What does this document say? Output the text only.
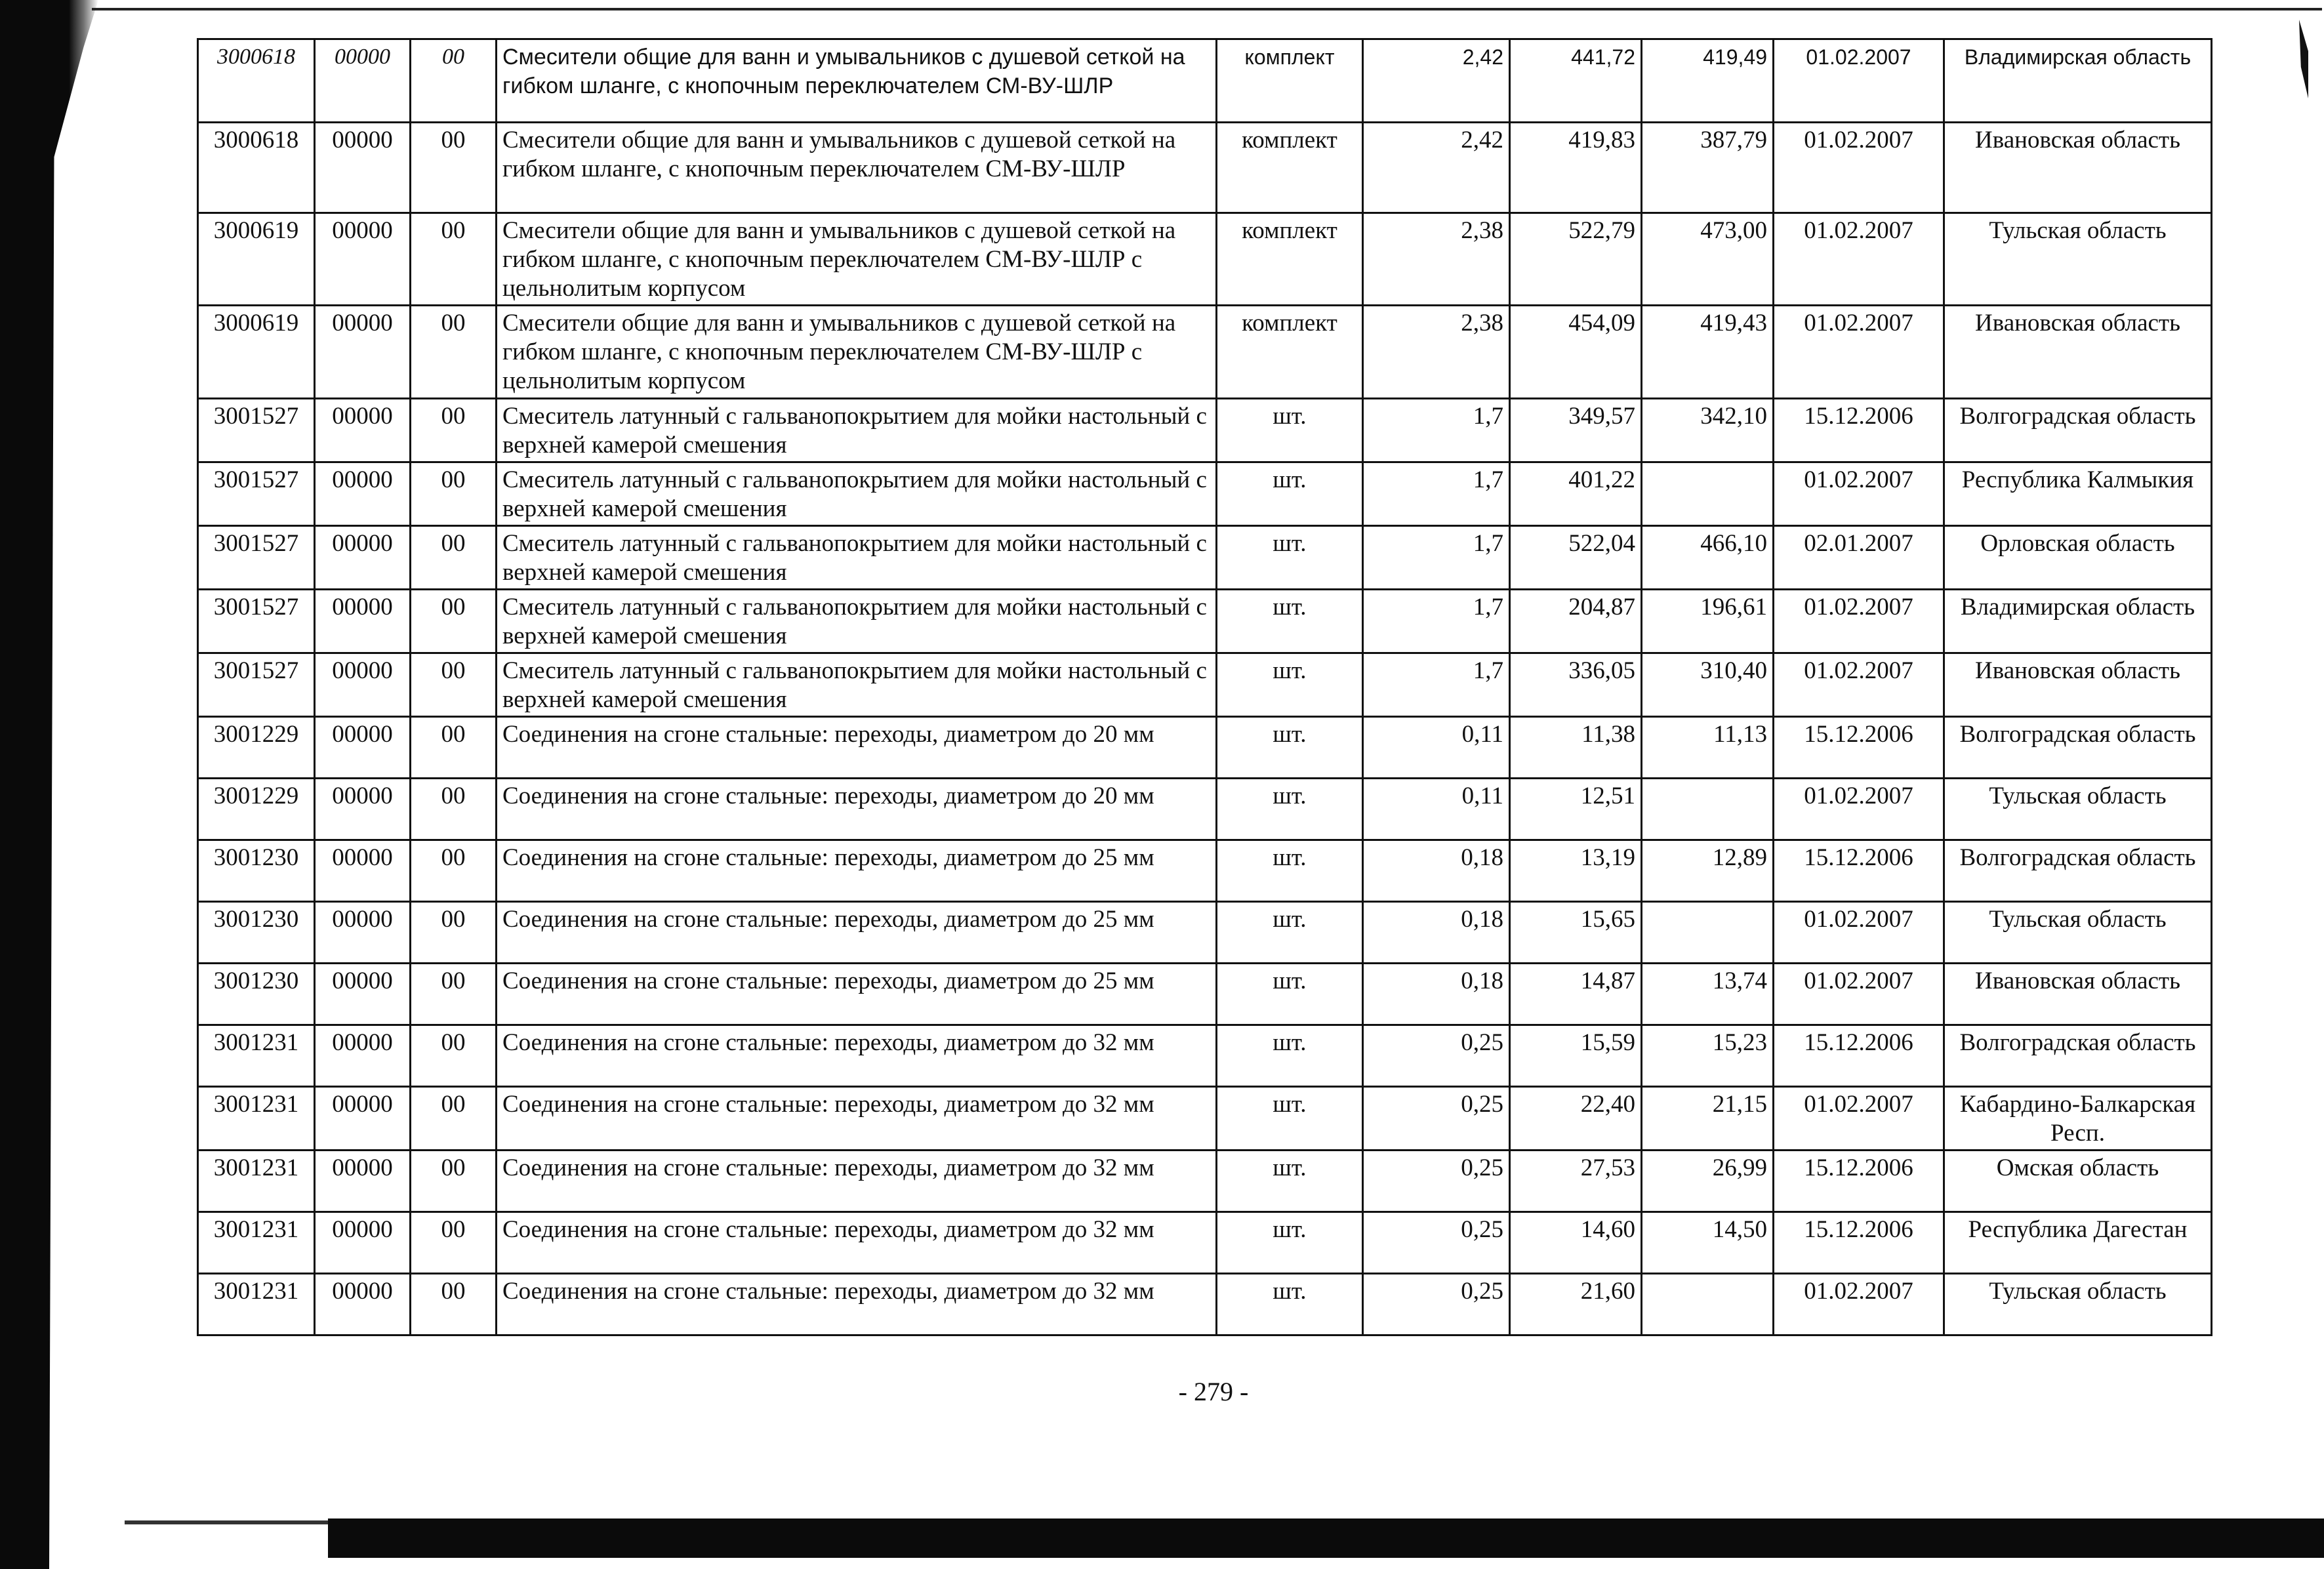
3000618	00000	00	Смесители общие для ванн и умывальников с душевой сеткой на гибком шланге, с кнопочным переключателем СМ-ВУ-ШЛР	комплект	2,42	441,72	419,49	01.02.2007	Владимирская область
3000618	00000	00	Смесители общие для ванн и умывальников с душевой сеткой на гибком шланге, с кнопочным переключателем СМ-ВУ-ШЛР	комплект	2,42	419,83	387,79	01.02.2007	Ивановская область
3000619	00000	00	Смесители общие для ванн и умывальников с душевой сеткой на гибком шланге, с кнопочным переключателем СМ-ВУ-ШЛР с цельнолитым корпусом	комплект	2,38	522,79	473,00	01.02.2007	Тульская область
3000619	00000	00	Смесители общие для ванн и умывальников с душевой сеткой на гибком шланге, с кнопочным переключателем СМ-ВУ-ШЛР с цельнолитым корпусом	комплект	2,38	454,09	419,43	01.02.2007	Ивановская область
3001527	00000	00	Смеситель латунный с гальванопокрытием для мойки настольный с верхней камерой смешения	шт.	1,7	349,57	342,10	15.12.2006	Волгоградская область
3001527	00000	00	Смеситель латунный с гальванопокрытием для мойки настольный с верхней камерой смешения	шт.	1,7	401,22		01.02.2007	Республика Калмыкия
3001527	00000	00	Смеситель латунный с гальванопокрытием для мойки настольный с верхней камерой смешения	шт.	1,7	522,04	466,10	02.01.2007	Орловская область
3001527	00000	00	Смеситель латунный с гальванопокрытием для мойки настольный с верхней камерой смешения	шт.	1,7	204,87	196,61	01.02.2007	Владимирская область
3001527	00000	00	Смеситель латунный с гальванопокрытием для мойки настольный с верхней камерой смешения	шт.	1,7	336,05	310,40	01.02.2007	Ивановская область
3001229	00000	00	Соединения на сгоне стальные: переходы, диаметром до 20 мм	шт.	0,11	11,38	11,13	15.12.2006	Волгоградская область
3001229	00000	00	Соединения на сгоне стальные: переходы, диаметром до 20 мм	шт.	0,11	12,51		01.02.2007	Тульская область
3001230	00000	00	Соединения на сгоне стальные: переходы, диаметром до 25 мм	шт.	0,18	13,19	12,89	15.12.2006	Волгоградская область
3001230	00000	00	Соединения на сгоне стальные: переходы, диаметром до 25 мм	шт.	0,18	15,65		01.02.2007	Тульская область
3001230	00000	00	Соединения на сгоне стальные: переходы, диаметром до 25 мм	шт.	0,18	14,87	13,74	01.02.2007	Ивановская область
3001231	00000	00	Соединения на сгоне стальные: переходы, диаметром до 32 мм	шт.	0,25	15,59	15,23	15.12.2006	Волгоградская область
3001231	00000	00	Соединения на сгоне стальные: переходы, диаметром до 32 мм	шт.	0,25	22,40	21,15	01.02.2007	Кабардино-Балкарская Респ.
3001231	00000	00	Соединения на сгоне стальные: переходы, диаметром до 32 мм	шт.	0,25	27,53	26,99	15.12.2006	Омская область
3001231	00000	00	Соединения на сгоне стальные: переходы, диаметром до 32 мм	шт.	0,25	14,60	14,50	15.12.2006	Республика Дагестан
3001231	00000	00	Соединения на сгоне стальные: переходы, диаметром до 32 мм	шт.	0,25	21,60		01.02.2007	Тульская область
- 279 -
